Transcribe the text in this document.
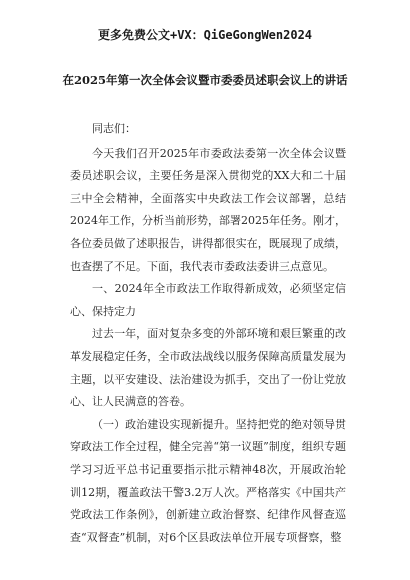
更多免费公文+VX：QiGeGongWen2024
在2025年第一次全体会议暨市委委员述职会议上的讲话

同志们：

今天我们召开2025年市委政法委第一次全体会议暨委员述职会议，主要任务是深入贯彻党的XX大和二十届三中全会精神，全面落实中央政法工作会议部署，总结2024年工作，分析当前形势，部署2025年任务。刚才，各位委员做了述职报告，讲得都很实在，既展现了成绩，也查摆了不足。下面，我代表市委政法委讲三点意见。

一、2024年全市政法工作取得新成效，必须坚定信心、保持定力

过去一年，面对复杂多变的外部环境和艰巨繁重的改革发展稳定任务，全市政法战线以服务保障高质量发展为主题，以平安建设、法治建设为抓手，交出了一份让党放心、让人民满意的答卷。

（一）政治建设实现新提升。坚持把党的绝对领导贯穿政法工作全过程，健全完善“第一议题”制度，组织专题学习习近平总书记重要指示批示精神48次，开展政治轮训12期，覆盖政法干警3.2万人次。严格落实《中国共产党政法工作条例》，创新建立政治督察、纪律作风督查巡查“双督查”机制，对6个区县政法单位开展专项督察，整
